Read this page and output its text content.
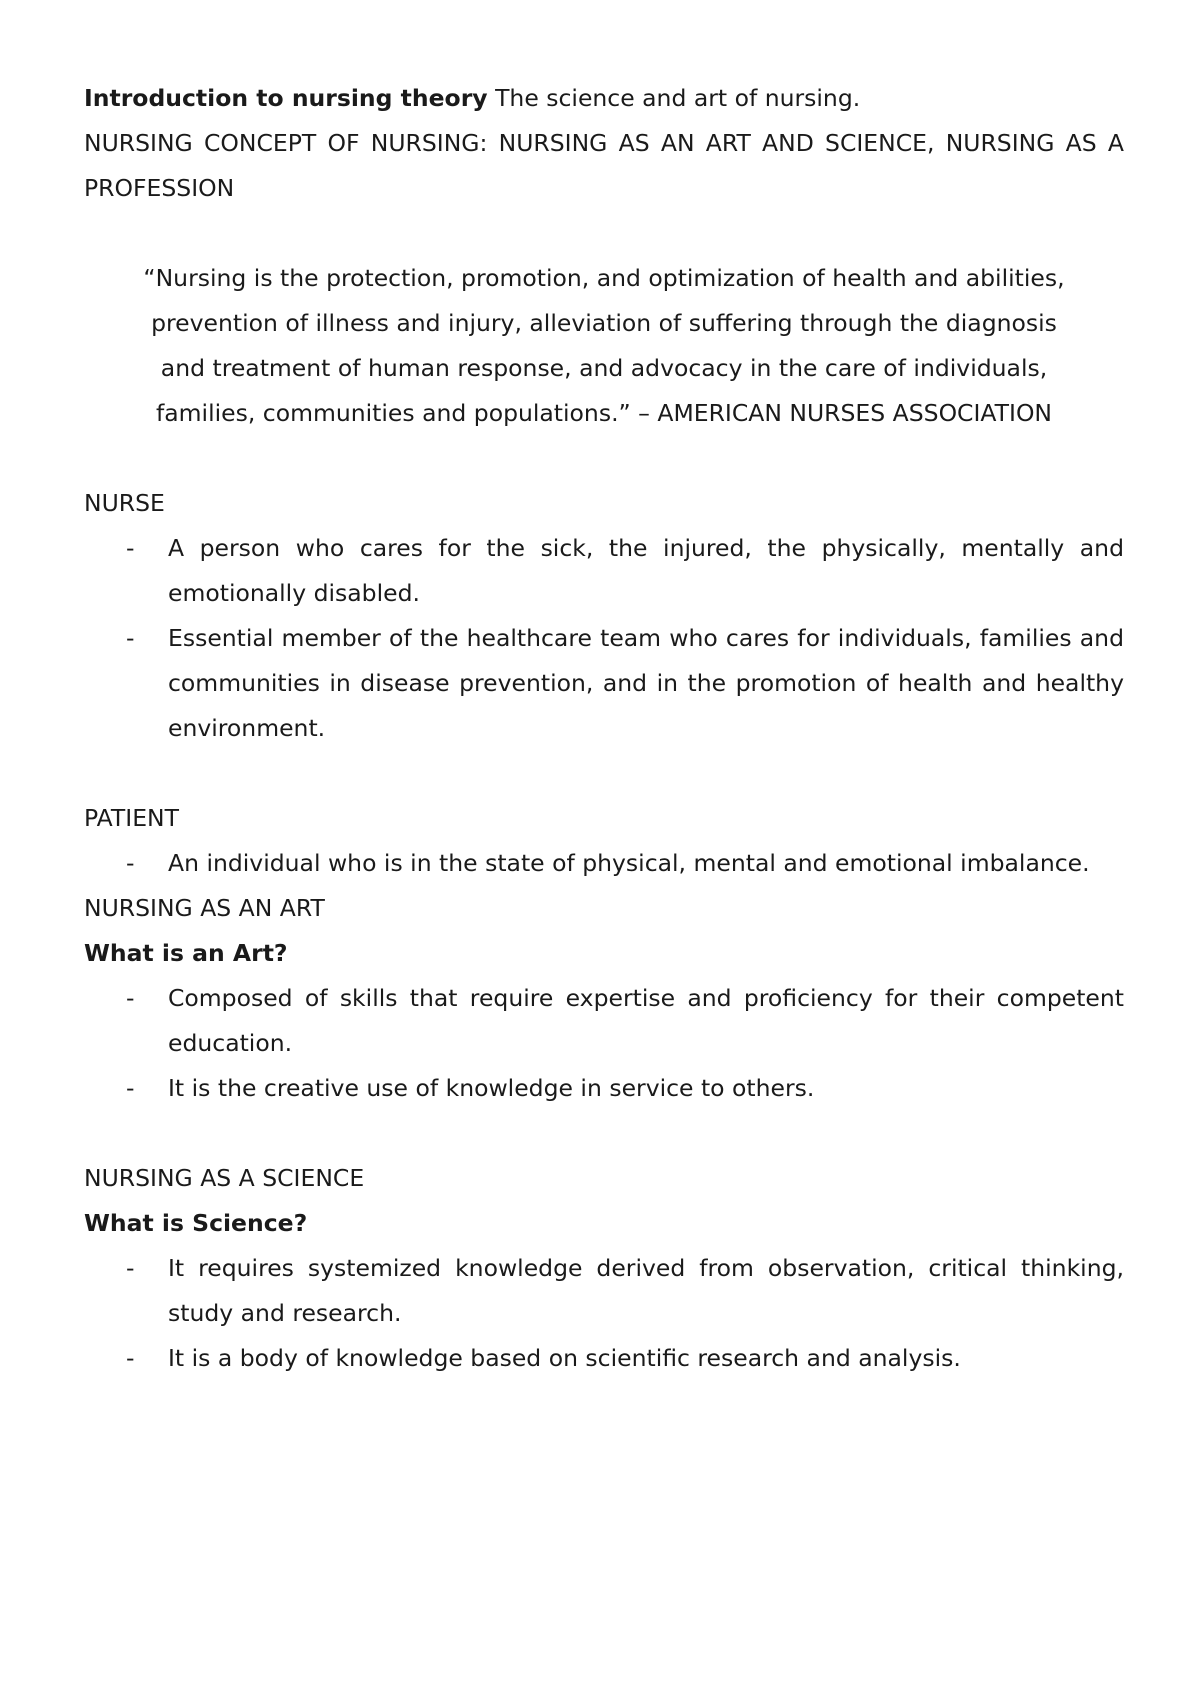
Introduction to nursing theory The science and art of nursing.
NURSING CONCEPT OF NURSING: NURSING AS AN ART AND SCIENCE, NURSING AS A PROFESSION
“Nursing is the protection, promotion, and optimization of health and abilities,
prevention of illness and injury, alleviation of suffering through the diagnosis
and treatment of human response, and advocacy in the care of individuals,
families, communities and populations.” – AMERICAN NURSES ASSOCIATION
NURSE
- A person who cares for the sick, the injured, the physically, mentally and emotionally disabled.
- Essential member of the healthcare team who cares for individuals, families and communities in disease prevention, and in the promotion of health and healthy environment.
PATIENT
- An individual who is in the state of physical, mental and emotional imbalance.
NURSING AS AN ART
What is an Art?
- Composed of skills that require expertise and proficiency for their competent education.
- It is the creative use of knowledge in service to others.
NURSING AS A SCIENCE
What is Science?
- It requires systemized knowledge derived from observation, critical thinking, study and research.
- It is a body of knowledge based on scientific research and analysis.
